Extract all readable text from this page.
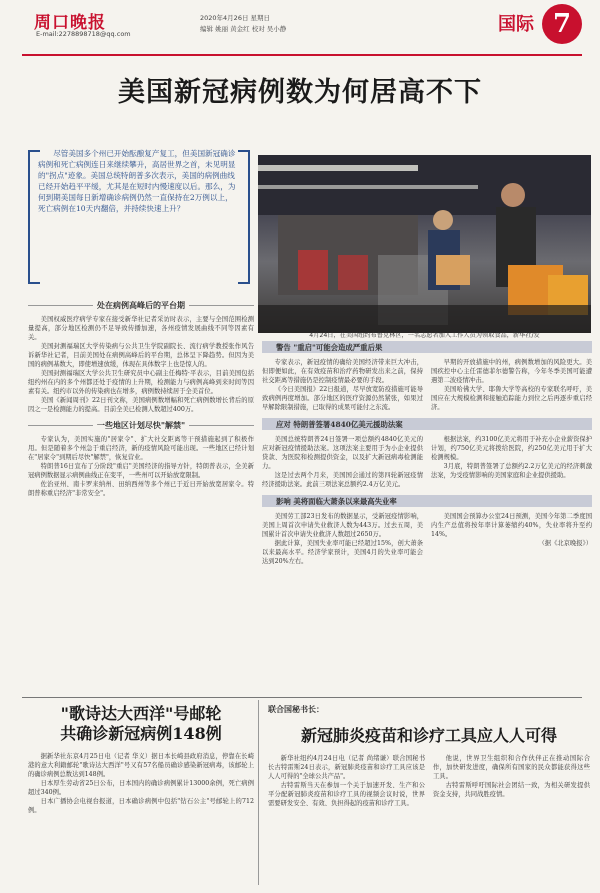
周口晚报
E-mail:2278898718@qq.com
2020年4月26日 星期日
编辑 姚丽 黄金红 校对 吴小静	国际 7
美国新冠病例数为何居高不下

尽管美国多个州已开始酝酿复产复工，但美国新冠确诊病例和死亡病例连日来继续攀升，高居世界之首，未见明显的"拐点"迹象。美国总统特朗普多次表示，美国的病例曲线已经开始趋平平缓，尤其是在短时内慢速度以后。那么，为何到期美国每日新增确诊病例仍然一直保持在2万例以上，死亡病例在10天内翻倍，并持续快速上升？

4月24日，在美国纽约布鲁克林区，一名志愿者加入工作人员为领取食品，新华社/发
处在病例高峰后的平台期

美国权威医疗病学专家在接受新华社记者采访时表示，主要与全国范围检测量提高，部分地区检测仍不足导致传播加速，各州疫情发展曲线不同等因素有关。

美国封测福瑞区大学传染病与公共卫生学院副院长、流行病学教授张作风告诉新华社记者，目前美国处在病例高峰后的平台期，总体呈下降趋势。但因为美国的病例基数大，即使增速放缓，体现在具体数字上也是惊人的。

美国封测福瑞区大学公共卫生研究员中心副主任梅特·平表示，目前美国包括纽约州在内的多个州都还处于疫情的上升期，检测能力与病例高峰到来时间等因素有关。纽约市以外的传染病也在增多，病例数持续居于全美首位。

美国《新闻周刊》22日刊文称，美国病例数增幅和死亡病例数增长背后的原因之一是检测能力的提高。目前全美已检测人数超过400万。

一些地区计划尽快"解禁"

专家认为，美国实施的"居家令"、扩大社交距离等干预措施起到了积极作用。但是随着多个州急于重启经济，新的疫情风险可能出现。一些地区已经计划在"居家令"到期后尽快"解禁"，恢复营业。

特朗普16日宣布了分阶段"重启"美国经济的指导方针，特朗普表示，全美新冠病例数据显示病例曲线正在变平，一些州可以开始放宽限制。

佐治亚州、南卡罗来纳州、田纳西州等多个州已于近日开始放宽居家令。特朗普称重启经济"非常安全"。

警告 "重启"可能会造成严重后果

专家表示，新冠疫情的确给美国经济带来巨大冲击，但即便如此，在有效疫苗和治疗药物研发出来之前，保持社交距离等措施仍是控制疫情最必要的手段。

《今日美国报》22日报道，尽早放宽防疫措施可能导致病例再度增加。部分地区的医疗资源仍然紧张，如果过早解除限制措施，已取得的成果可能付之东流。

早期的开放措施中的州，病例数增加的风险更大。美国疾控中心主任雷德菲尔德警告称，今年冬季美国可能遭遇第二波疫情冲击。

美国哈佛大学、耶鲁大学等高校的专家联名呼吁，美国应在大规模检测和接触追踪能力到位之后再逐步重启经济。

应对 特朗普签署4840亿美元援助法案

美国总统特朗普24日签署一项总额约4840亿美元的应对新冠疫情援助法案。这项法案主要用于为小企业提供贷款、为医院和检测提供资金，以及扩大新冠病毒检测能力。

这是过去两个月来，美国国会通过的第四轮新冠疫情经济援助法案。此前三项法案总额约2.4万亿美元。

根据法案，约3100亿美元将用于补充小企业薪资保护计划，约750亿美元将拨给医院，约250亿美元用于扩大检测规模。

3月底，特朗普签署了总额约2.2万亿美元的经济刺激法案，为受疫情影响的美国家庭和企业提供援助。

影响 美将面临大萧条以来最高失业率

美国劳工部23日发布的数据显示，受新冠疫情影响，美国上周首次申请失业救济人数为443万。过去五周，美国累计首次申请失业救济人数超过2650万。

据此计算，美国失业率可能已经超过15%，创大萧条以来最高水平。经济学家预计，美国4月的失业率可能会达到20%左右。

美国国会预算办公室24日预测，美国今年第二季度国内生产总值将按年率计算萎缩约40%，失业率将升至约14%。

（据《北京晚报》）

"歌诗达大西洋"号邮轮
共确诊新冠病例148例

据新华社东京4月25日电（记者 华义）据日本长崎县政府消息，停靠在长崎港的意大利籍邮轮"歌诗达大西洋"号又有57名船员确诊感染新冠病毒，该邮轮上的确诊病例总数达到148例。

日本厚生劳动省25日公布，日本国内的确诊病例累计13000余例，死亡病例超过340例。

日本广播协会电视台报道，日本确诊病例中包括"钻石公主"号邮轮上的712例。

联合国秘书长：
新冠肺炎疫苗和诊疗工具应人人可得

新华社纽约4月24日电（记者 尚绪谦）联合国秘书长古特雷斯24日表示，新冠肺炎疫苗和诊疗工具应该是人人可得的"全球公共产品"。

古特雷斯当天在参加一个关于加速开发、生产和公平分配新冠肺炎疫苗和诊疗工具的视频会议时说，世界需要研发安全、有效、负担得起的疫苗和诊疗工具。

他说，世界卫生组织和合作伙伴正在推动国际合作，加快研发进度，确保所有国家的民众都能获得这些工具。

古特雷斯呼吁国际社会团结一致，为相关研发提供资金支持，共同战胜疫情。
